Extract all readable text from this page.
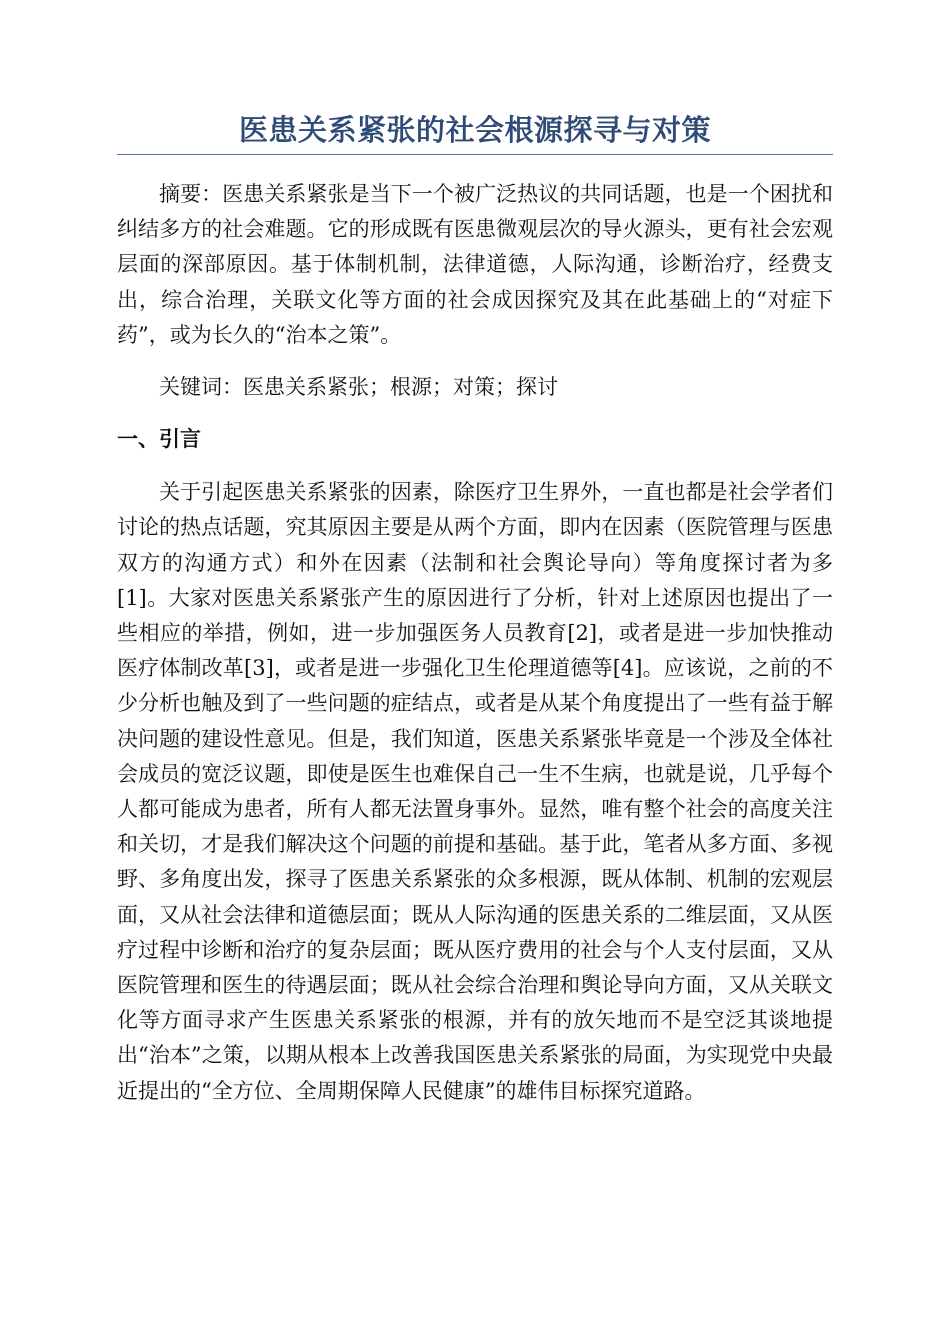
医患关系紧张的社会根源探寻与对策

摘要：医患关系紧张是当下一个被广泛热议的共同话题，也是一个困扰和纠结多方的社会难题。它的形成既有医患微观层次的导火源头，更有社会宏观层面的深部原因。基于体制机制，法律道德，人际沟通，诊断治疗，经费支出，综合治理，关联文化等方面的社会成因探究及其在此基础上的“对症下药”，或为长久的“治本之策”。

关键词：医患关系紧张；根源；对策；探讨

一、引言

关于引起医患关系紧张的因素，除医疗卫生界外，一直也都是社会学者们讨论的热点话题，究其原因主要是从两个方面，即内在因素（医院管理与医患双方的沟通方式）和外在因素（法制和社会舆论导向）等角度探讨者为多[1]。大家对医患关系紧张产生的原因进行了分析，针对上述原因也提出了一些相应的举措，例如，进一步加强医务人员教育[2]，或者是进一步加快推动医疗体制改革[3]，或者是进一步强化卫生伦理道德等[4]。应该说，之前的不少分析也触及到了一些问题的症结点，或者是从某个角度提出了一些有益于解决问题的建设性意见。但是，我们知道，医患关系紧张毕竟是一个涉及全体社会成员的宽泛议题，即使是医生也难保自己一生不生病，也就是说，几乎每个人都可能成为患者，所有人都无法置身事外。显然，唯有整个社会的高度关注和关切，才是我们解决这个问题的前提和基础。基于此，笔者从多方面、多视野、多角度出发，探寻了医患关系紧张的众多根源，既从体制、机制的宏观层面，又从社会法律和道德层面；既从人际沟通的医患关系的二维层面，又从医疗过程中诊断和治疗的复杂层面；既从医疗费用的社会与个人支付层面，又从医院管理和医生的待遇层面；既从社会综合治理和舆论导向方面，又从关联文化等方面寻求产生医患关系紧张的根源，并有的放矢地而不是空泛其谈地提出“治本”之策，以期从根本上改善我国医患关系紧张的局面，为实现党中央最近提出的“全方位、全周期保障人民健康”的雄伟目标探究道路。
